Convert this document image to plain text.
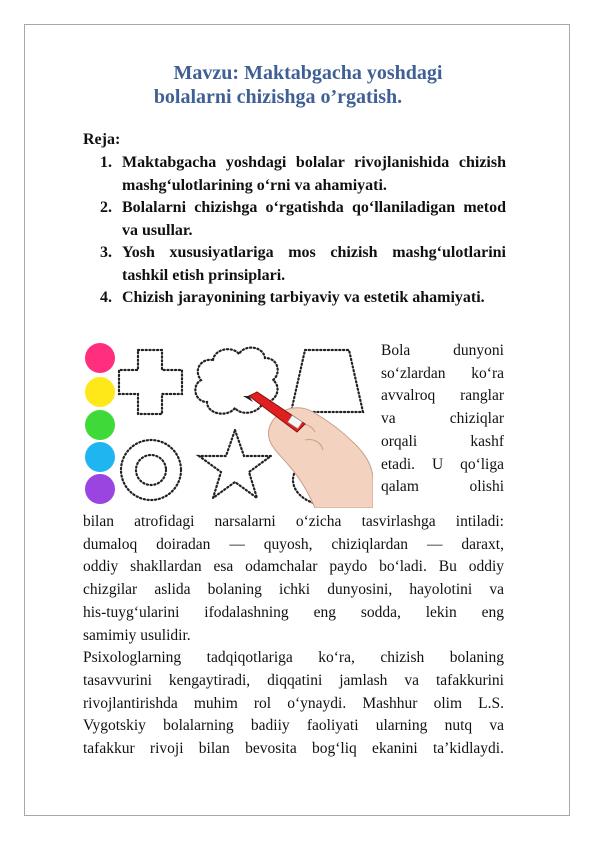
Mavzu: Maktabgacha yoshdagi
bolalarni chizishga o’rgatish.
Reja:
1. Maktabgacha yoshdagi bolalar rivojlanishida chizish mashg‘ulotlarining o‘rni va ahamiyati.
2. Bolalarni chizishga o‘rgatishda qo‘llaniladigan metod va usullar.
3. Yosh xususiyatlariga mos chizish mashg‘ulotlarini tashkil etish prinsiplari.
4. Chizish jarayonining tarbiyaviy va estetik ahamiyati.
Bola dunyoni
so‘zlardan ko‘ra
avvalroq ranglar
va chiziqlar
orqali kashf
etadi. U qo‘liga
qalam olishi

bilan atrofidagi narsalarni o‘zicha tasvirlashga intiladi:
dumaloq doiradan — quyosh, chiziqlardan — daraxt,
oddiy shakllardan esa odamchalar paydo bo‘ladi. Bu oddiy
chizgilar aslida bolaning ichki dunyosini, hayolotini va
his-tuyg‘ularini ifodalashning eng sodda, lekin eng
samimiy usulidir.

Psixologlarning tadqiqotlariga ko‘ra, chizish bolaning
tasavvurini kengaytiradi, diqqatini jamlash va tafakkurini
rivojlantirishda muhim rol o‘ynaydi. Mashhur olim L.S.
Vygotskiy bolalarning badiiy faoliyati ularning nutq va
tafakkur rivoji bilan bevosita bog‘liq ekanini ta’kidlaydi.
